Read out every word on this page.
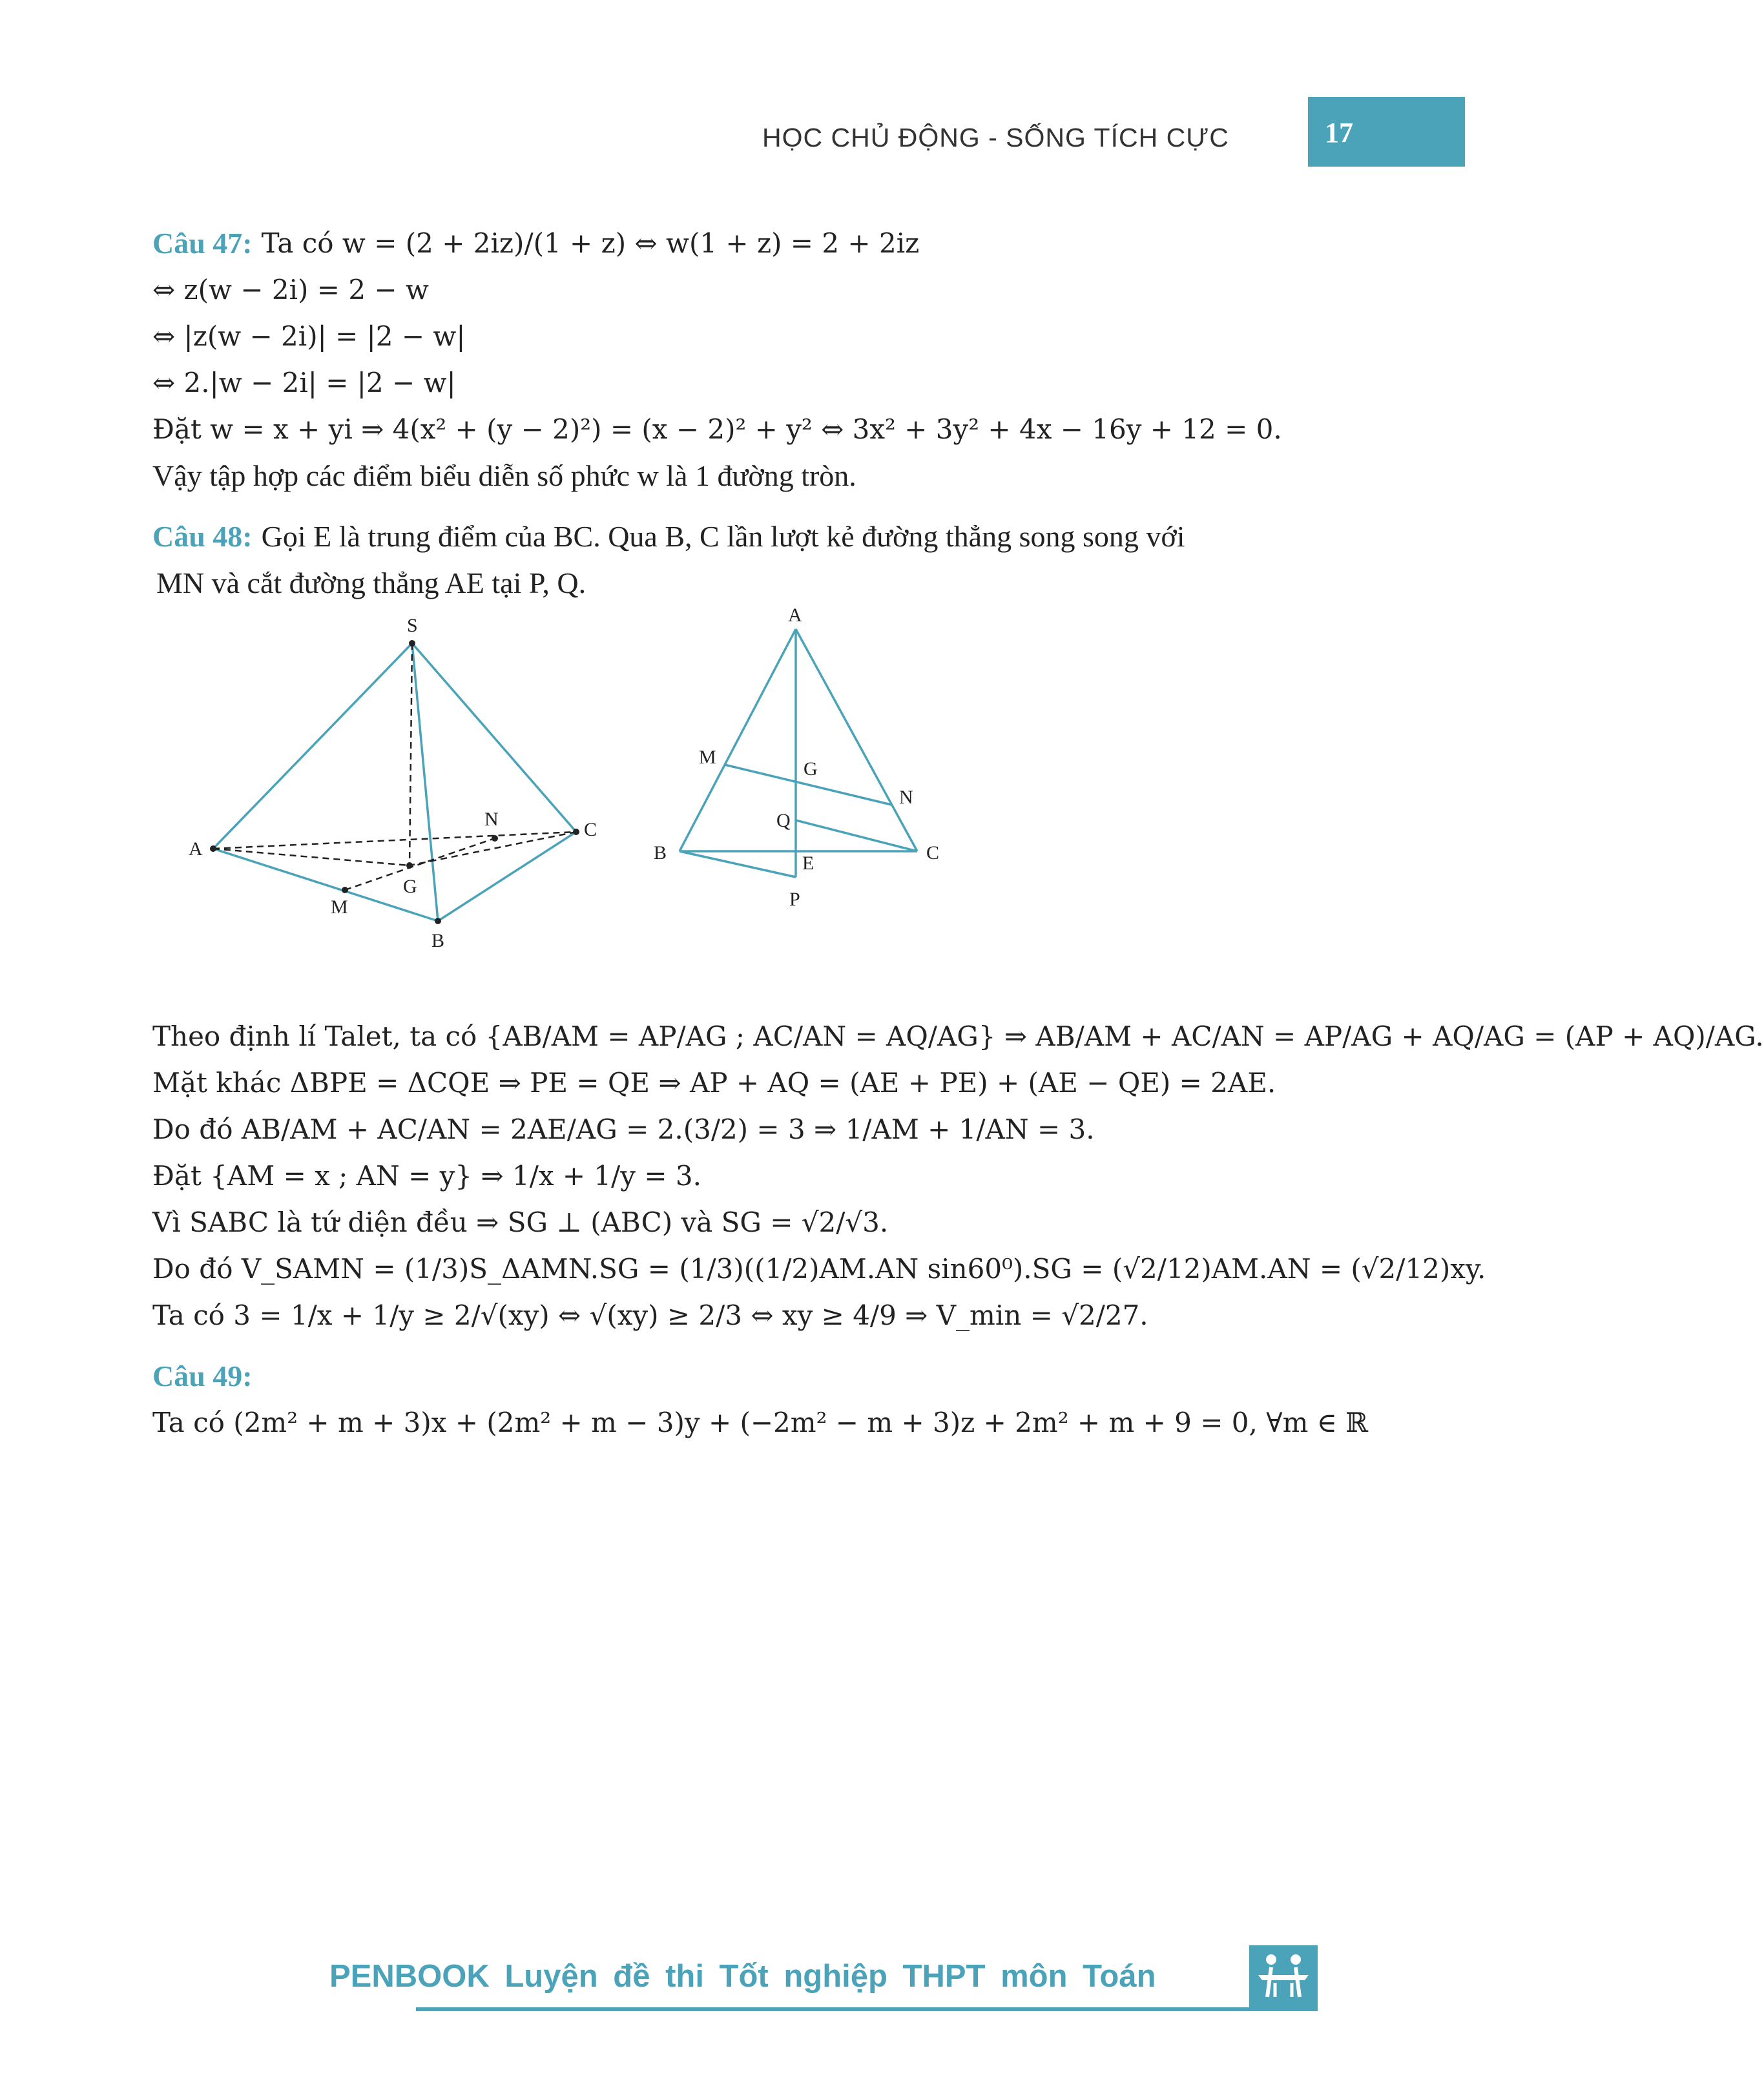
HỌC CHỦ ĐỘNG - SỐNG TÍCH CỰC	17
Câu 47: Ta có w = (2 + 2iz)/(1 + z) ⇔ w(1 + z) = 2 + 2iz
⇔ z(w − 2i) = 2 − w
⇔ |z(w − 2i)| = |2 − w|
⇔ 2.|w − 2i| = |2 − w|
Đặt w = x + yi ⇒ 4(x² + (y − 2)²) = (x − 2)² + y² ⇔ 3x² + 3y² + 4x − 16y + 12 = 0.
Vậy tập hợp các điểm biểu diễn số phức w là 1 đường tròn.
Câu 48: Gọi E là trung điểm của BC. Qua B, C lần lượt kẻ đường thẳng song song với
MN và cắt đường thẳng AE tại P, Q.
S
A
C
N
G
M
B
A
M
G
N
Q
B	C
E
P
Theo định lí Talet, ta có {AB/AM = AP/AG ; AC/AN = AQ/AG} ⇒ AB/AM + AC/AN = AP/AG + AQ/AG = (AP + AQ)/AG.
Mặt khác ΔBPE = ΔCQE ⇒ PE = QE ⇒ AP + AQ = (AE + PE) + (AE − QE) = 2AE.
Do đó AB/AM + AC/AN = 2AE/AG = 2.(3/2) = 3 ⇒ 1/AM + 1/AN = 3.
Đặt {AM = x ; AN = y} ⇒ 1/x + 1/y = 3.
Vì SABC là tứ diện đều ⇒ SG ⊥ (ABC) và SG = √2/√3.
Do đó V_SAMN = (1/3)S_ΔAMN.SG = (1/3)((1/2)AM.AN sin60⁰).SG = (√2/12)AM.AN = (√2/12)xy.
Ta có 3 = 1/x + 1/y ≥ 2/√(xy) ⇔ √(xy) ≥ 2/3 ⇔ xy ≥ 4/9 ⇒ V_min = √2/27.
Câu 49:
Ta có (2m² + m + 3)x + (2m² + m − 3)y + (−2m² − m + 3)z + 2m² + m + 9 = 0, ∀m ∈ ℝ
PENBOOK Luyện đề thi Tốt nghiệp THPT môn Toán
